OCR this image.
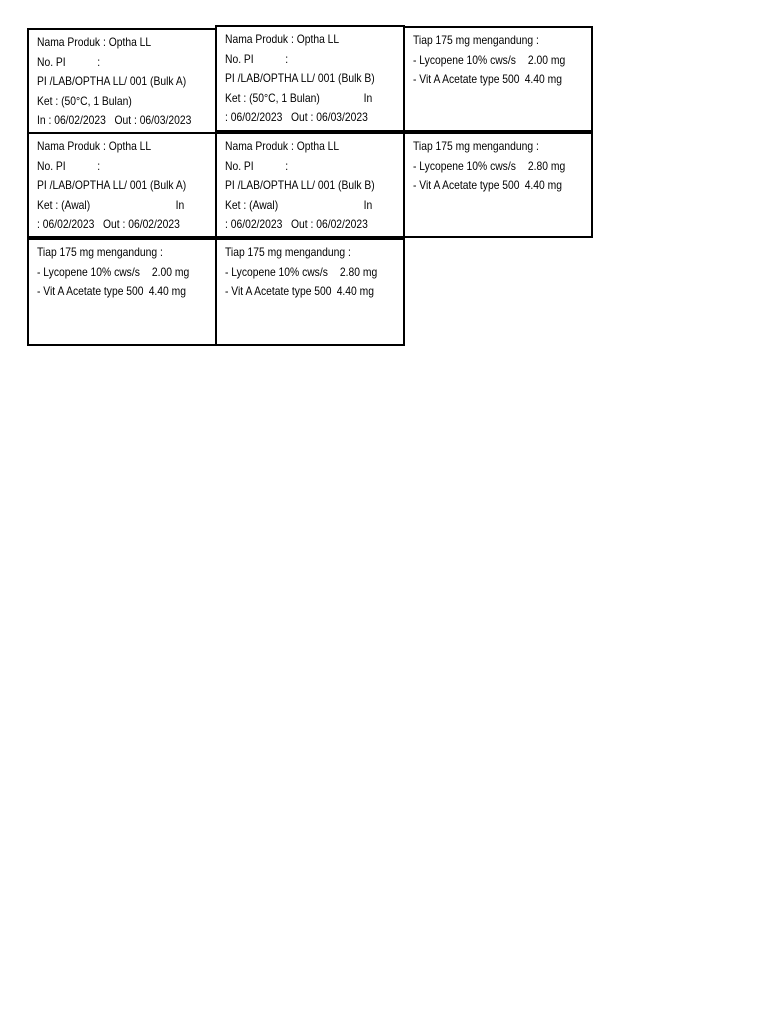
Nama Produk : Optha LL
No. PI           :
PI /LAB/OPTHA LL/ 001 (Bulk A)
Ket : (50°C, 1 Bulan)
In : 06/02/2023   Out : 06/03/2023
Nama Produk : Optha LL
No. PI           :
PI /LAB/OPTHA LL/ 001 (Bulk B)
Ket : (50°C, 1 Bulan)	In
: 06/02/2023   Out : 06/03/2023
Tiap 175 mg mengandung :
- Lycopene 10% cws/s 2.00 mg
- Vit A Acetate type 500 4.40 mg
Nama Produk : Optha LL
No. PI           :
PI /LAB/OPTHA LL/ 001 (Bulk A)
Ket : (Awal)	In
: 06/02/2023   Out : 06/02/2023
Nama Produk : Optha LL
No. PI           :
PI /LAB/OPTHA LL/ 001 (Bulk B)
Ket : (Awal)	In
: 06/02/2023   Out : 06/02/2023
Tiap 175 mg mengandung :
- Lycopene 10% cws/s 2.80 mg
- Vit A Acetate type 500 4.40 mg
Tiap 175 mg mengandung :
- Lycopene 10% cws/s 2.00 mg
- Vit A Acetate type 500 4.40 mg
Tiap 175 mg mengandung :
- Lycopene 10% cws/s 2.80 mg
- Vit A Acetate type 500 4.40 mg
